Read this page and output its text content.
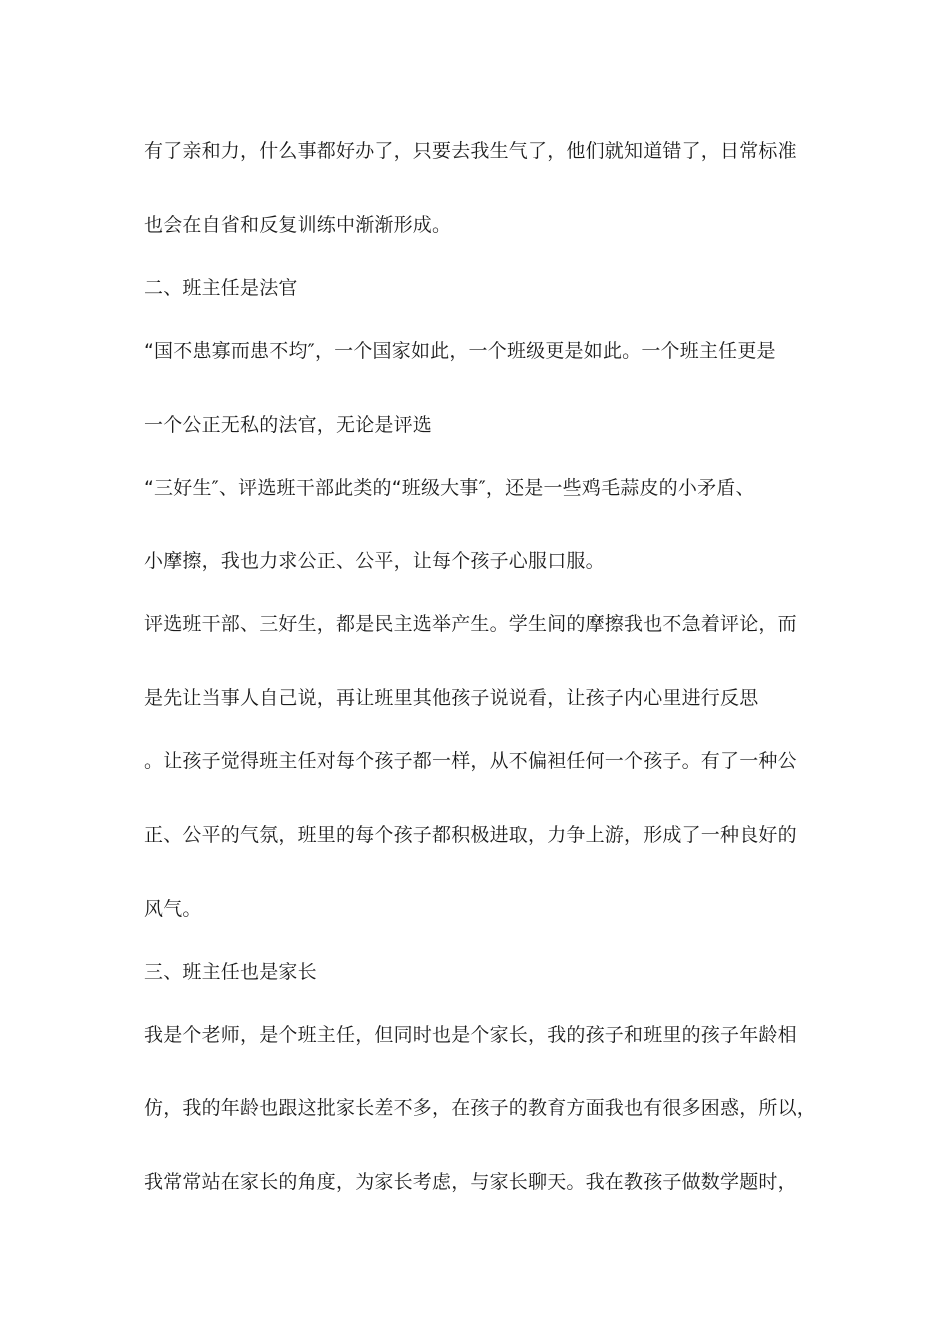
有了亲和力，什么事都好办了，只要去我生气了，他们就知道错了，日常标准
也会在自省和反复训练中渐渐形成。
二、班主任是法官
“国不患寡而患不均″，一个国家如此，一个班级更是如此。一个班主任更是
一个公正无私的法官，无论是评选
“三好生″、评选班干部此类的“班级大事″，还是一些鸡毛蒜皮的小矛盾、
小摩擦，我也力求公正、公平，让每个孩子心服口服。
评选班干部、三好生，都是民主选举产生。学生间的摩擦我也不急着评论，而
是先让当事人自己说，再让班里其他孩子说说看，让孩子内心里进行反思
。让孩子觉得班主任对每个孩子都一样，从不偏袒任何一个孩子。有了一种公
正、公平的气氛，班里的每个孩子都积极进取，力争上游，形成了一种良好的
风气。
三、班主任也是家长
我是个老师，是个班主任，但同时也是个家长，我的孩子和班里的孩子年龄相
仿，我的年龄也跟这批家长差不多，在孩子的教育方面我也有很多困惑，所以，
我常常站在家长的角度，为家长考虑，与家长聊天。我在教孩子做数学题时，
